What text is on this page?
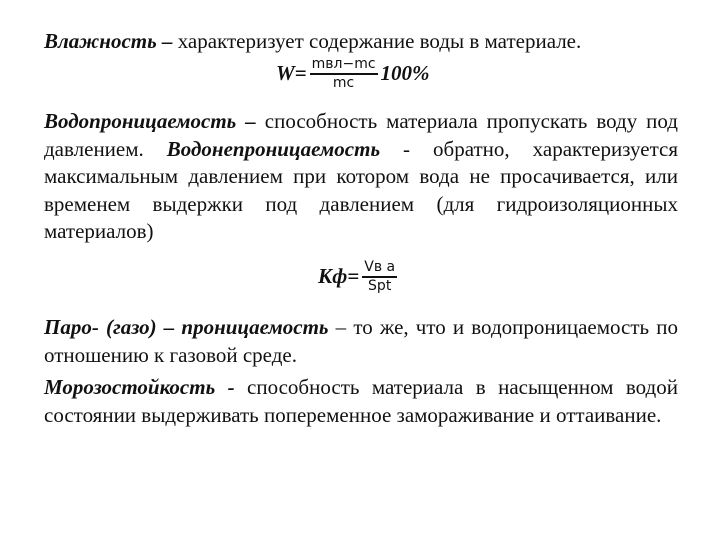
Влажность – характеризует содержание воды в материале.

$W= \frac{\text{mвл−mc}}{mc} 100\%$

Водопроницаемость – способность материала пропускать воду под давлением. Водонепроницаемость - обратно, характеризуется максимальным давлением при котором вода не просачивается, или временем выдержки под давлением (для гидроизоляционных материалов)

$Кф= \frac{\text{Vв a}}{\text{Spt}}$

Паро- (газо) – проницаемость – то же, что и водопроницаемость по отношению к газовой среде.

Морозостойкость - способность материала в насыщенном водой состоянии выдерживать попеременное замораживание и оттаивание.
